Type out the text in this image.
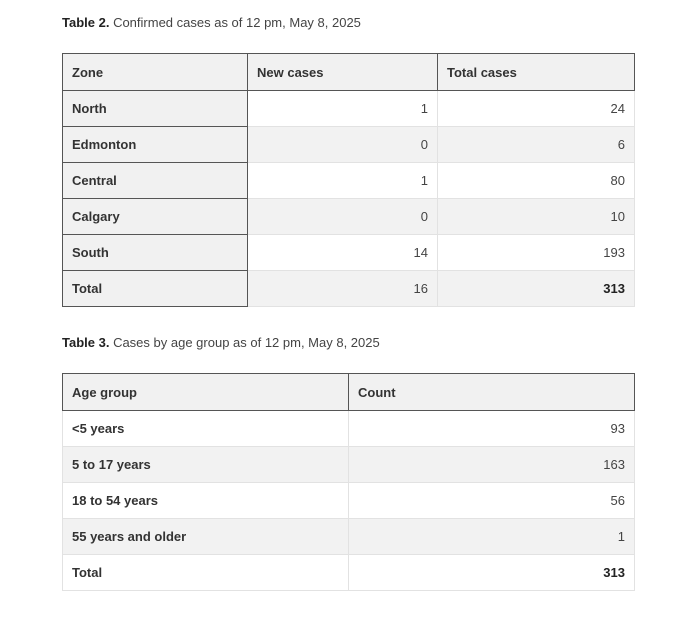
Table 2. Confirmed cases as of 12 pm, May 8, 2025
Zone	New cases	Total cases
North	1	24
Edmonton	0	6
Central	1	80
Calgary	0	10
South	14	193
Total	16	313
Table 3. Cases by age group as of 12 pm, May 8, 2025
Age group	Count
<5 years	93
5 to 17 years	163
18 to 54 years	56
55 years and older	1
Total	313
